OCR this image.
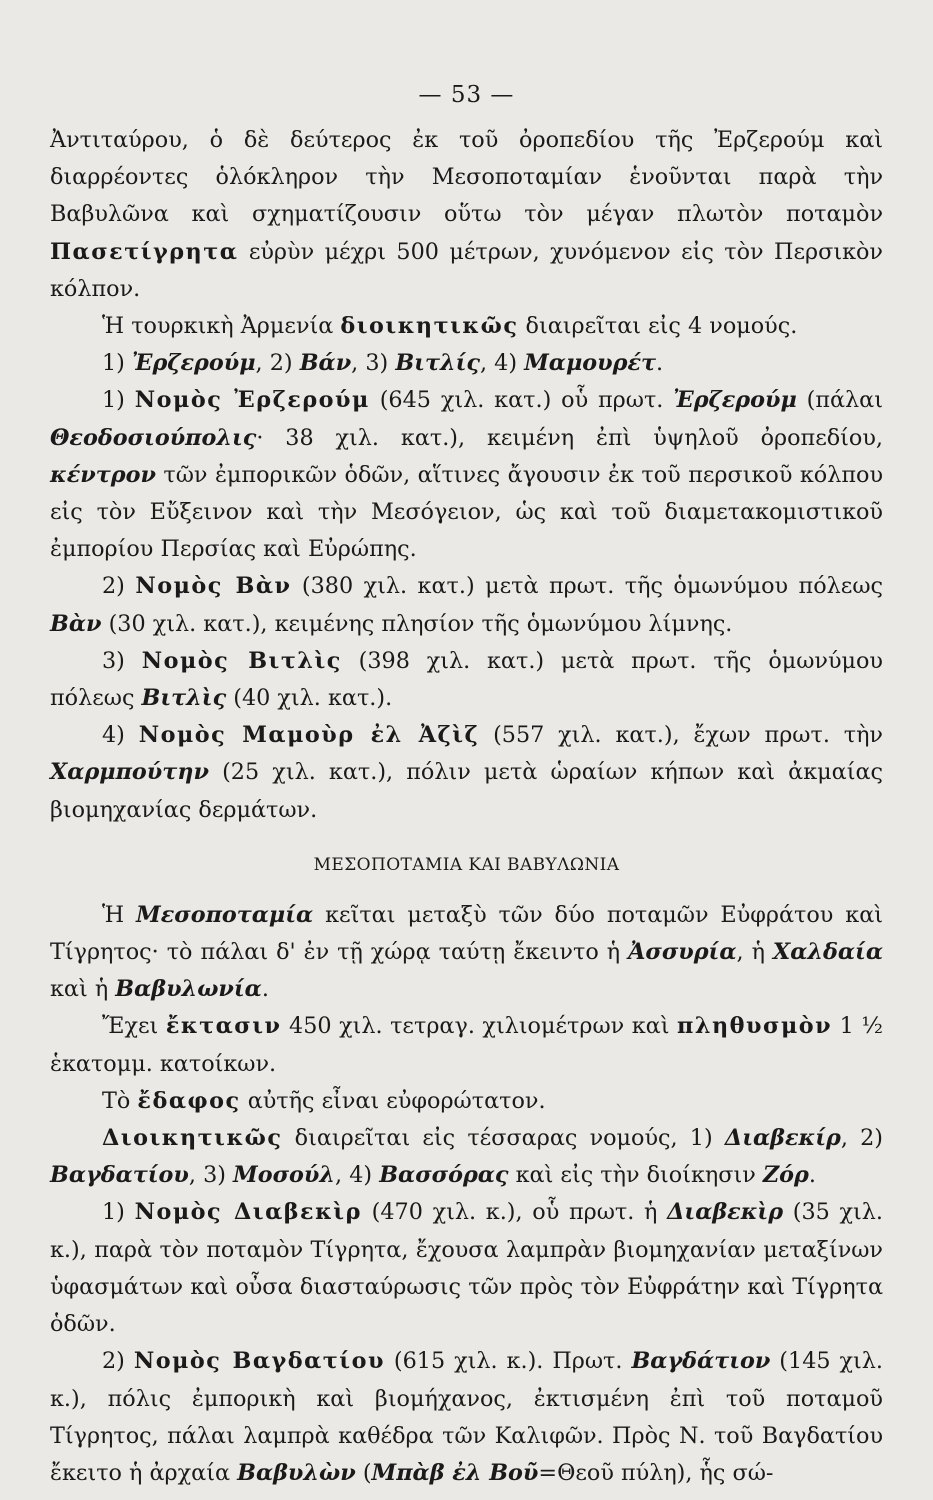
— 53 —

Ἀντιταύρου, ὁ δὲ δεύτερος ἐκ τοῦ ὀροπεδίου τῆς Ἐρζερούμ καὶ διαρρέοντες ὁλόκληρον τὴν Μεσοποταμίαν ἑνοῦνται παρὰ τὴν Βαβυλῶνα καὶ σχηματίζουσιν οὕτω τὸν μέγαν πλωτὸν ποταμὸν Πασετίγρητα εὐρὺν μέχρι 500 μέτρων, χυνόμενον εἰς τὸν Περσικὸν κόλπον.

Ἡ τουρκικὴ Ἀρμενία διοικητικῶς διαιρεῖται εἰς 4 νομούς.

1) Ἐρζερούμ, 2) Βάν, 3) Βιτλίς, 4) Μαμουρέτ.

1) Νομὸς Ἐρζερούμ (645 χιλ. κατ.) οὗ πρωτ. Ἐρζερούμ (πάλαι Θεοδοσιούπολις· 38 χιλ. κατ.), κειμένη ἐπὶ ὑψηλοῦ ὀροπεδίου, κέντρον τῶν ἐμπορικῶν ὁδῶν, αἵτινες ἄγουσιν ἐκ τοῦ περσικοῦ κόλπου εἰς τὸν Εὔξεινον καὶ τὴν Μεσόγειον, ὡς καὶ τοῦ διαμετακομιστικοῦ ἐμπορίου Περσίας καὶ Εὐρώπης.

2) Νομὸς Βὰν (380 χιλ. κατ.) μετὰ πρωτ. τῆς ὁμωνύμου πόλεως Βὰν (30 χιλ. κατ.), κειμένης πλησίον τῆς ὁμωνύμου λίμνης.

3) Νομὸς Βιτλὶς (398 χιλ. κατ.) μετὰ πρωτ. τῆς ὁμωνύμου πόλεως Βιτλὶς (40 χιλ. κατ.).

4) Νομὸς Μαμοὺρ ἐλ Ἀζὶζ (557 χιλ. κατ.), ἔχων πρωτ. τὴν Χαρμπούτην (25 χιλ. κατ.), πόλιν μετὰ ὡραίων κήπων καὶ ἀκμαίας βιομηχανίας δερμάτων.

ΜΕΣΟΠΟΤΑΜΙΑ ΚΑΙ ΒΑΒΥΛΩΝΙΑ

Ἡ Μεσοποταμία κεῖται μεταξὺ τῶν δύο ποταμῶν Εὐφράτου καὶ Τίγρητος· τὸ πάλαι δ' ἐν τῇ χώρᾳ ταύτῃ ἔκειντο ἡ Ἀσσυρία, ἡ Χαλδαία καὶ ἡ Βαβυλωνία.

Ἔχει ἔκτασιν 450 χιλ. τετραγ. χιλιομέτρων καὶ πληθυσμὸν 1 ½ ἑκατομμ. κατοίκων.

Τὸ ἔδαφος αὐτῆς εἶναι εὐφορώτατον.

Διοικητικῶς διαιρεῖται εἰς τέσσαρας νομούς, 1) Διαβεκίρ, 2) Βαγδατίου, 3) Μοσούλ, 4) Βασσόρας καὶ εἰς τὴν διοίκησιν Ζόρ.

1) Νομὸς Διαβεκὶρ (470 χιλ. κ.), οὗ πρωτ. ἡ Διαβεκὶρ (35 χιλ. κ.), παρὰ τὸν ποταμὸν Τίγρητα, ἔχουσα λαμπρὰν βιομηχανίαν μεταξίνων ὑφασμάτων καὶ οὖσα διασταύρωσις τῶν πρὸς τὸν Εὐφράτην καὶ Τίγρητα ὁδῶν.

2) Νομὸς Βαγδατίου (615 χιλ. κ.). Πρωτ. Βαγδάτιον (145 χιλ. κ.), πόλις ἐμπορικὴ καὶ βιομήχανος, ἐκτισμένη ἐπὶ τοῦ ποταμοῦ Τίγρητος, πάλαι λαμπρὰ καθέδρα τῶν Καλιφῶν. Πρὸς Ν. τοῦ Βαγδατίου ἔκειτο ἡ ἀρχαία Βαβυλὼν (Μπὰβ ἐλ Βοῦ=Θεοῦ πύλη), ἧς σώ-
